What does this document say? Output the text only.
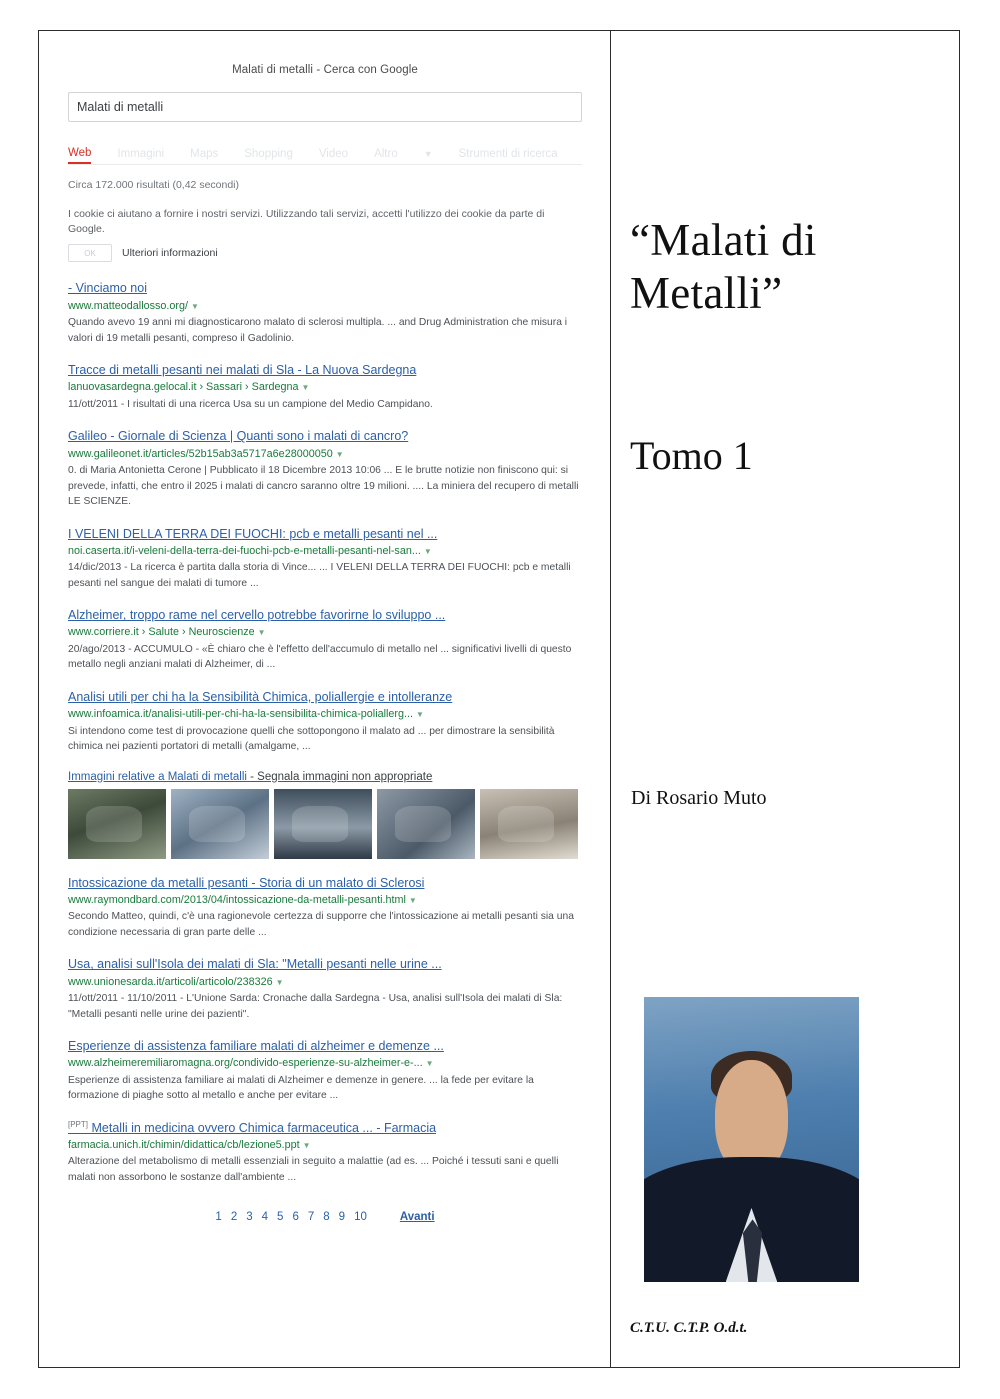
Malati di metalli - Cerca con Google
Malati di metalli
Web Immagini Maps Shopping Video Altro	▼ Strumenti di ricerca
Circa 172.000 risultati (0,42 secondi)
I cookie ci aiutano a fornire i nostri servizi. Utilizzando tali servizi, accetti l'utilizzo dei cookie da parte di Google.
OK	Ulteriori informazioni
- Vinciamo noi
www.matteodallosso.org/ ▼
Quando avevo 19 anni mi diagnosticarono malato di sclerosi multipla. ... and Drug Administration che misura i valori di 19 metalli pesanti, compreso il Gadolinio.
Tracce di metalli pesanti nei malati di Sla - La Nuova Sardegna
lanuovasardegna.gelocal.it › Sassari › Sardegna ▼
11/ott/2011 - I risultati di una ricerca Usa su un campione del Medio Campidano.
Galileo - Giornale di Scienza | Quanti sono i malati di cancro?
www.galileonet.it/articles/52b15ab3a5717a6e28000050 ▼
0. di Maria Antonietta Cerone | Pubblicato il 18 Dicembre 2013 10:06 ... E le brutte notizie non finiscono qui: si prevede, infatti, che entro il 2025 i malati di cancro saranno oltre 19 milioni. .... La miniera del recupero di metalli LE SCIENZE.
I VELENI DELLA TERRA DEI FUOCHI: pcb e metalli pesanti nel ...
noi.caserta.it/i-veleni-della-terra-dei-fuochi-pcb-e-metalli-pesanti-nel-san... ▼
14/dic/2013 - La ricerca è partita dalla storia di Vince... ... I VELENI DELLA TERRA DEI FUOCHI: pcb e metalli pesanti nel sangue dei malati di tumore ...
Alzheimer, troppo rame nel cervello potrebbe favorirne lo sviluppo ...
www.corriere.it › Salute › Neuroscienze ▼
20/ago/2013 - ACCUMULO - «È chiaro che è l'effetto dell'accumulo di metallo nel ... significativi livelli di questo metallo negli anziani malati di Alzheimer, di ...
Analisi utili per chi ha la Sensibilità Chimica, poliallergie e intolleranze
www.infoamica.it/analisi-utili-per-chi-ha-la-sensibilita-chimica-poliallerg... ▼
Si intendono come test di provocazione quelli che sottopongono il malato ad ... per dimostrare la sensibilità chimica nei pazienti portatori di metalli (amalgame, ...
Immagini relative a Malati di metalli - Segnala immagini non appropriate
Intossicazione da metalli pesanti - Storia di un malato di Sclerosi
www.raymondbard.com/2013/04/intossicazione-da-metalli-pesanti.html ▼
Secondo Matteo, quindi, c'è una ragionevole certezza di supporre che l'intossicazione ai metalli pesanti sia una condizione necessaria di gran parte delle ...
Usa, analisi sull'Isola dei malati di Sla: "Metalli pesanti nelle urine ...
www.unionesarda.it/articoli/articolo/238326 ▼
11/ott/2011 - 11/10/2011 - L'Unione Sarda: Cronache dalla Sardegna - Usa, analisi sull'Isola dei malati di Sla: "Metalli pesanti nelle urine dei pazienti".
Esperienze di assistenza familiare malati di alzheimer e demenze ...
www.alzheimeremiliaromagna.org/condivido-esperienze-su-alzheimer-e-... ▼
Esperienze di assistenza familiare ai malati di Alzheimer e demenze in genere. ... la fede per evitare la formazione di piaghe sotto al metallo e anche per evitare ...
[PPT] Metalli in medicina ovvero Chimica farmaceutica ... - Farmacia
farmacia.unich.it/chimin/didattica/cb/lezione5.ppt ▼
Alterazione del metabolismo di metalli essenziali in seguito a malattie (ad es. ... Poiché i tessuti sani e quelli malati non assorbono le sostanze dall'ambiente ...
1 2 3 4 5 6 7 8 9 10	Avanti
“Malati di
Metalli”
Tomo 1
Di Rosario Muto
C.T.U. C.T.P. O.d.t.
